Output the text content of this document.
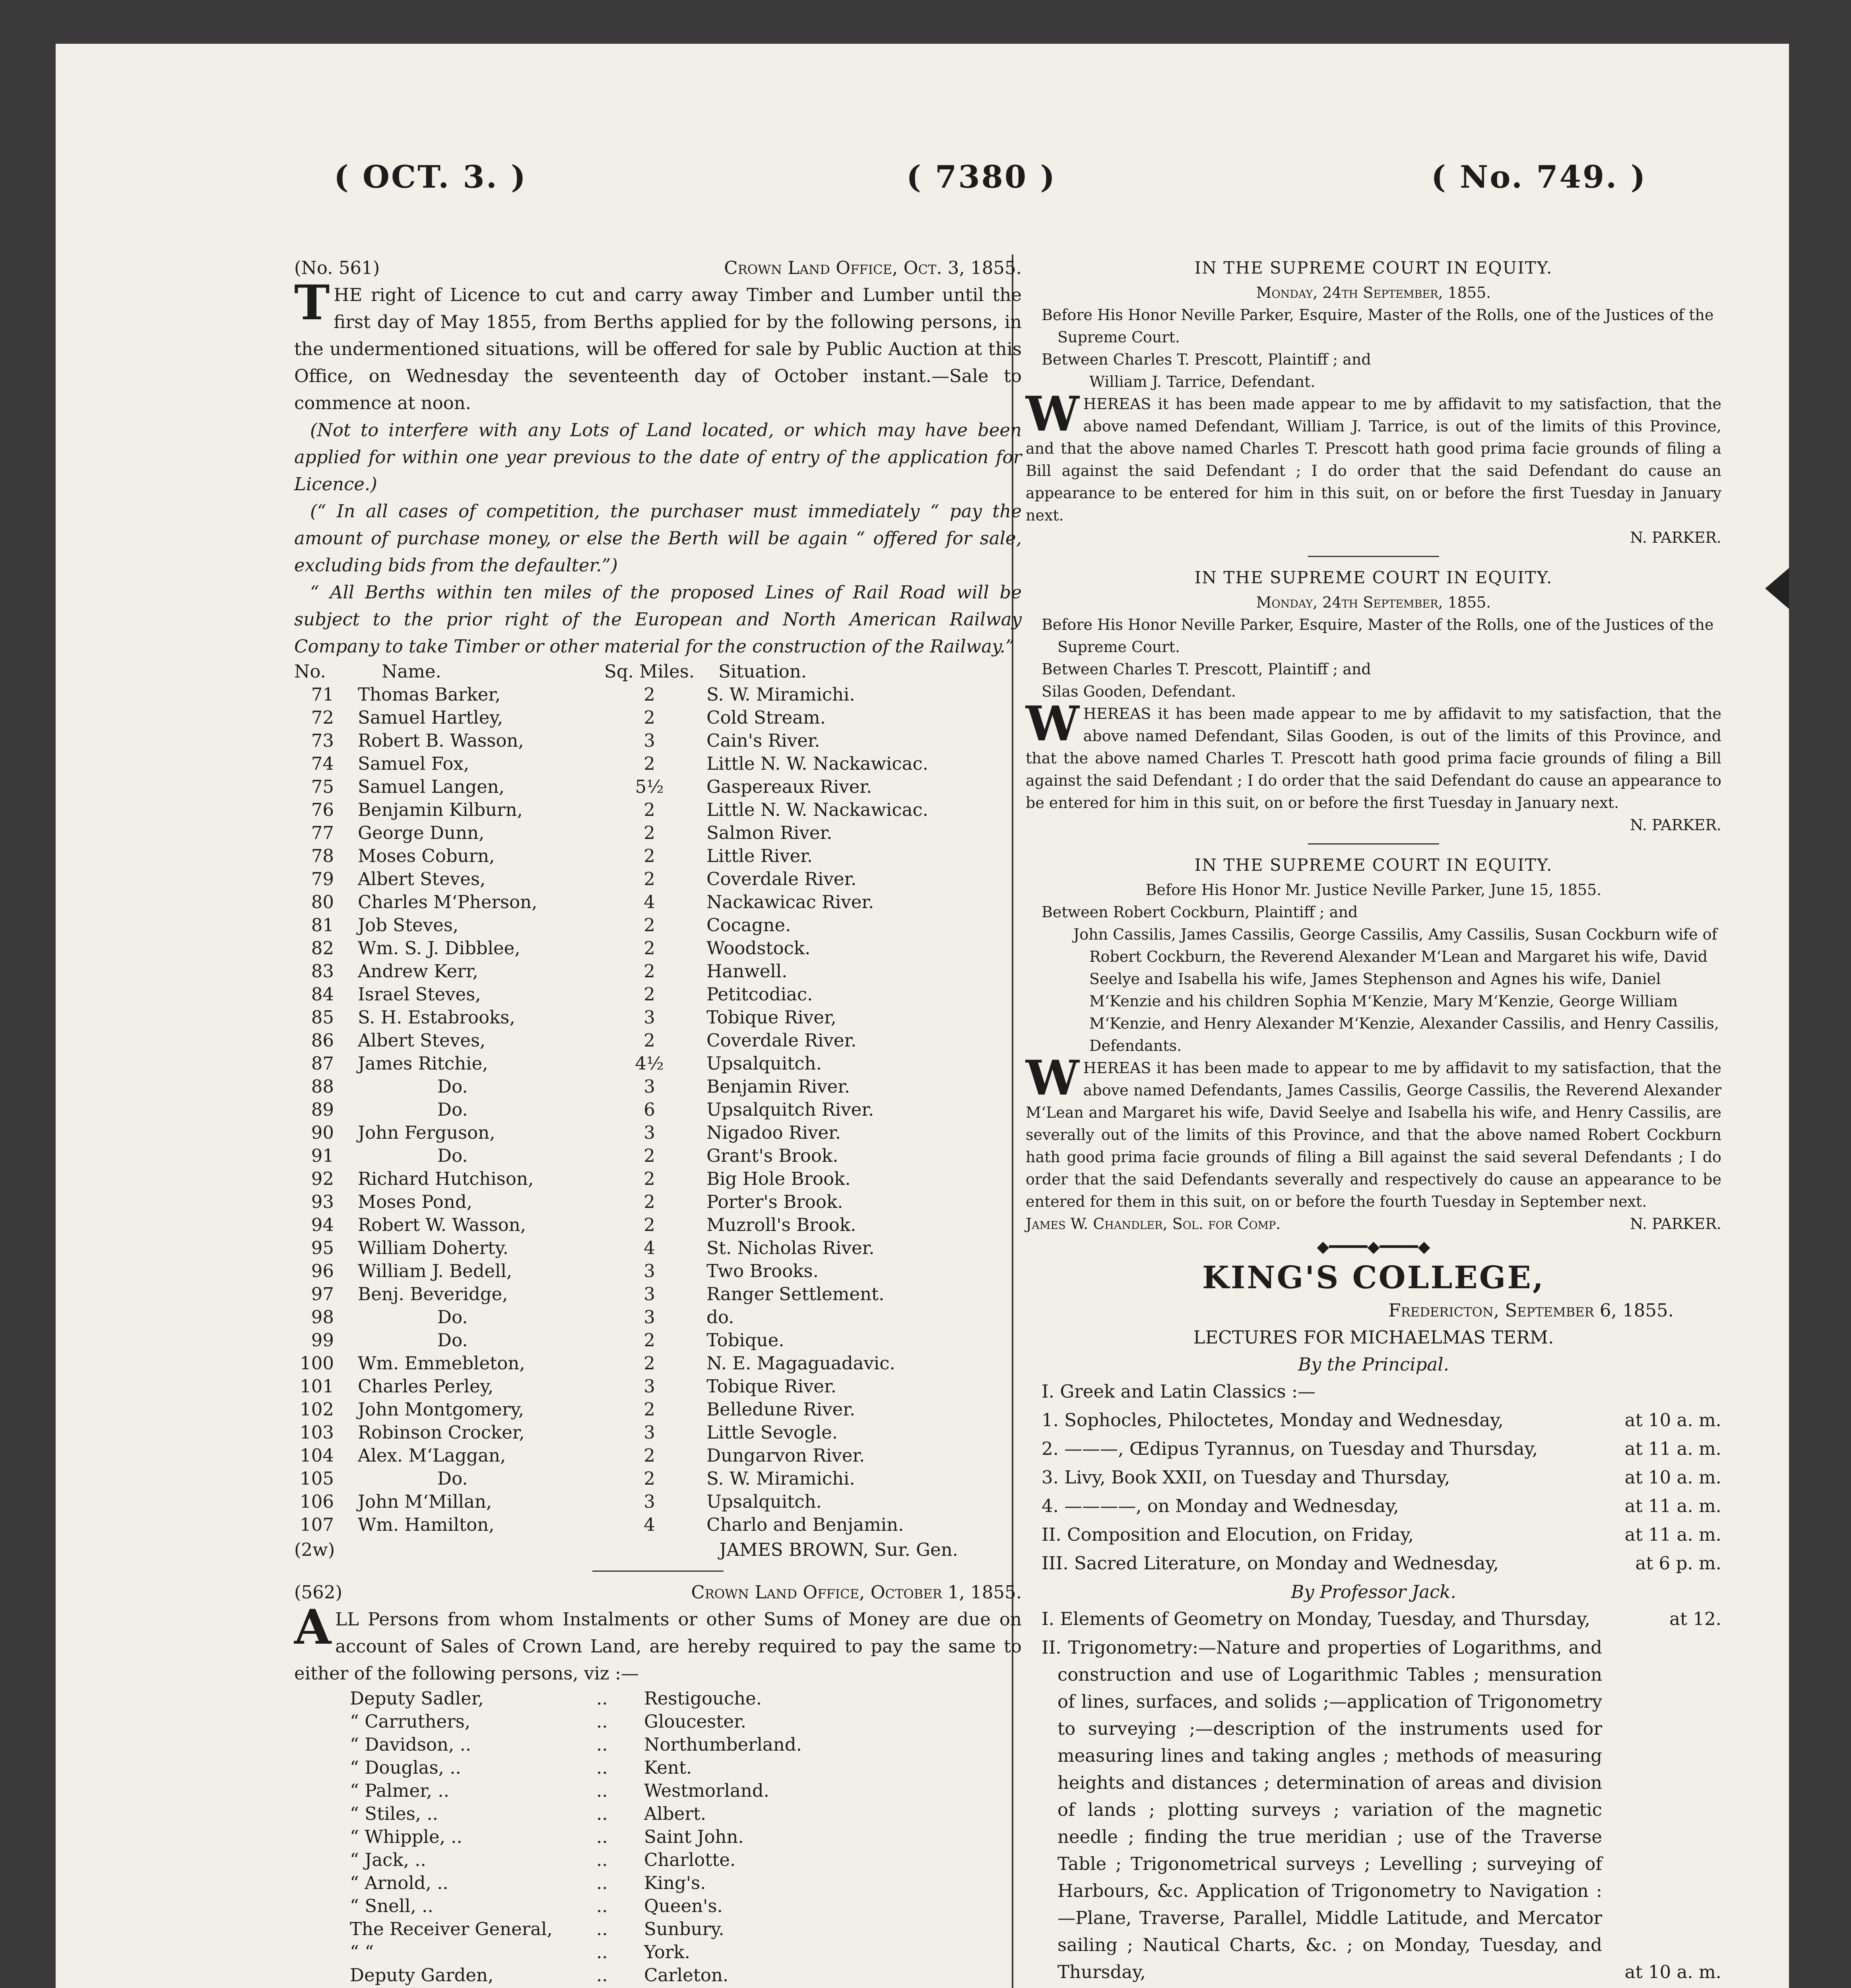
( OCT. 3. )	( 7380 )	( No. 749. )
(No. 561)	Crown Land Office, Oct. 3, 1855.

THE right of Licence to cut and carry away Timber and Lumber until the first day of May 1855, from Berths applied for by the following persons, in the undermentioned situations, will be offered for sale by Public Auction at this Office, on Wednesday the seventeenth day of October instant.—Sale to commence at noon.

(Not to interfere with any Lots of Land located, or which may have been applied for within one year previous to the date of entry of the application for Licence.)

(“ In all cases of competition, the purchaser must immediately “ pay the amount of purchase money, or else the Berth will be again “ offered for sale, excluding bids from the defaulter.”)

“ All Berths within ten miles of the proposed Lines of Rail Road will be subject to the prior right of the European and North American Railway Company to take Timber or other material for the construction of the Railway.”

No.	Name.	Sq. Miles.	Situation.
71	Thomas Barker,	2	S. W. Miramichi.
72	Samuel Hartley,	2	Cold Stream.
73	Robert B. Wasson,	3	Cain's River.
74	Samuel Fox,	2	Little N. W. Nackawicac.
75	Samuel Langen,	5½	Gaspereaux River.
76	Benjamin Kilburn,	2	Little N. W. Nackawicac.
77	George Dunn,	2	Salmon River.
78	Moses Coburn,	2	Little River.
79	Albert Steves,	2	Coverdale River.
80	Charles M‘Pherson,	4	Nackawicac River.
81	Job Steves,	2	Cocagne.
82	Wm. S. J. Dibblee,	2	Woodstock.
83	Andrew Kerr,	2	Hanwell.
84	Israel Steves,	2	Petitcodiac.
85	S. H. Estabrooks,	3	Tobique River,
86	Albert Steves,	2	Coverdale River.
87	James Ritchie,	4½	Upsalquitch.
88	Do.	3	Benjamin River.
89	Do.	6	Upsalquitch River.
90	John Ferguson,	3	Nigadoo River.
91	Do.	2	Grant's Brook.
92	Richard Hutchison,	2	Big Hole Brook.
93	Moses Pond,	2	Porter's Brook.
94	Robert W. Wasson,	2	Muzroll's Brook.
95	William Doherty.	4	St. Nicholas River.
96	William J. Bedell,	3	Two Brooks.
97	Benj. Beveridge,	3	Ranger Settlement.
98	Do.	3	do.
99	Do.	2	Tobique.
100	Wm. Emmebleton,	2	N. E. Magaguadavic.
101	Charles Perley,	3	Tobique River.
102	John Montgomery,	2	Belledune River.
103	Robinson Crocker,	3	Little Sevogle.
104	Alex. M‘Laggan,	2	Dungarvon River.
105	Do.	2	S. W. Miramichi.
106	John M‘Millan,	3	Upsalquitch.
107	Wm. Hamilton,	4	Charlo and Benjamin.
(2w)	JAMES BROWN, Sur. Gen.
(562)	Crown Land Office, October 1, 1855.

ALL Persons from whom Instalments or other Sums of Money are due on account of Sales of Crown Land, are hereby required to pay the same to either of the following persons, viz :—

Deputy Sadler,	..	Restigouche.
“ Carruthers,	..	Gloucester.
“ Davidson, ..	..	Northumberland.
“ Douglas, ..	..	Kent.
“ Palmer, ..	..	Westmorland.
“ Stiles, ..	..	Albert.
“ Whipple, ..	..	Saint John.
“ Jack, ..	..	Charlotte.
“ Arnold, ..	..	King's.
“ Snell, ..	..	Queen's.
The Receiver General,	..	Sunbury.
“ “	..	York.
Deputy Garden,	..	Carleton.

IN THE SUPREME COURT IN EQUITY.
Monday, 24th September, 1855.

Before His Honor Neville Parker, Esquire, Master of the Rolls, one of the Justices of the Supreme Court.

Between Charles T. Prescott, Plaintiff ; and
William J. Tarrice, Defendant.

WHEREAS it has been made appear to me by affidavit to my satisfaction, that the above named Defendant, William J. Tarrice, is out of the limits of this Province, and that the above named Charles T. Prescott hath good prima facie grounds of filing a Bill against the said Defendant ; I do order that the said Defendant do cause an appearance to be entered for him in this suit, on or before the first Tuesday in January next.

N. PARKER.
IN THE SUPREME COURT IN EQUITY.
Monday, 24th September, 1855.

Before His Honor Neville Parker, Esquire, Master of the Rolls, one of the Justices of the Supreme Court.

Between Charles T. Prescott, Plaintiff ; and
Silas Gooden, Defendant.

WHEREAS it has been made appear to me by affidavit to my satisfaction, that the above named Defendant, Silas Gooden, is out of the limits of this Province, and that the above named Charles T. Prescott hath good prima facie grounds of filing a Bill against the said Defendant ; I do order that the said Defendant do cause an appearance to be entered for him in this suit, on or before the first Tuesday in January next.

N. PARKER.
IN THE SUPREME COURT IN EQUITY.
Before His Honor Mr. Justice Neville Parker, June 15, 1855.
Between Robert Cockburn, Plaintiff ; and

John Cassilis, James Cassilis, George Cassilis, Amy Cassilis, Susan Cockburn wife of Robert Cockburn, the Reverend Alexander M‘Lean and Margaret his wife, David Seelye and Isabella his wife, James Stephenson and Agnes his wife, Daniel M‘Kenzie and his children Sophia M‘Kenzie, Mary M‘Kenzie, George William M‘Kenzie, and Henry Alexander M‘Kenzie, Alexander Cassilis, and Henry Cassilis, Defendants.

WHEREAS it has been made to appear to me by affidavit to my satisfaction, that the above named Defendants, James Cassilis, George Cassilis, the Reverend Alexander M‘Lean and Margaret his wife, David Seelye and Isabella his wife, and Henry Cassilis, are severally out of the limits of this Province, and that the above named Robert Cockburn hath good prima facie grounds of filing a Bill against the said several Defendants ; I do order that the said Defendants severally and respectively do cause an appearance to be entered for them in this suit, on or before the fourth Tuesday in September next.

James W. Chandler, Sol. for Comp.	N. PARKER.
◆━━━━◆━━━━◆
KING'S COLLEGE,
Fredericton, September 6, 1855.
LECTURES FOR MICHAELMAS TERM.
By the Principal.
I. Greek and Latin Classics :—
1. Sophocles, Philoctetes, Monday and Wednesday,	at 10 a. m.
2. ———, Œdipus Tyrannus, on Tuesday and Thursday,	at 11 a. m.
3. Livy, Book XXII, on Tuesday and Thursday,	at 10 a. m.
4. ————, on Monday and Wednesday,	at 11 a. m.
II. Composition and Elocution, on Friday,	at 11 a. m.
III. Sacred Literature, on Monday and Wednesday,	at 6 p. m.
By Professor Jack.
I. Elements of Geometry on Monday, Tuesday, and Thursday,	at 12.
II. Trigonometry:—Nature and properties of Logarithms, and construction and use of Logarithmic Tables ; mensuration of lines, surfaces, and solids ;—application of Trigonometry to surveying ;—description of the instruments used for measuring lines and taking angles ; methods of measuring heights and distances ; determination of areas and division of lands ; plotting surveys ; variation of the magnetic needle ; finding the true meridian ; use of the Traverse Table ; Trigonometrical surveys ; Levelling ; surveying of Harbours, &c. Application of Trigonometry to Navigation :—Plane, Traverse, Parallel, Middle Latitude, and Mercator sailing ; Nautical Charts, &c. ; on Monday, Tuesday, and Thursday,	at 10 a. m.
